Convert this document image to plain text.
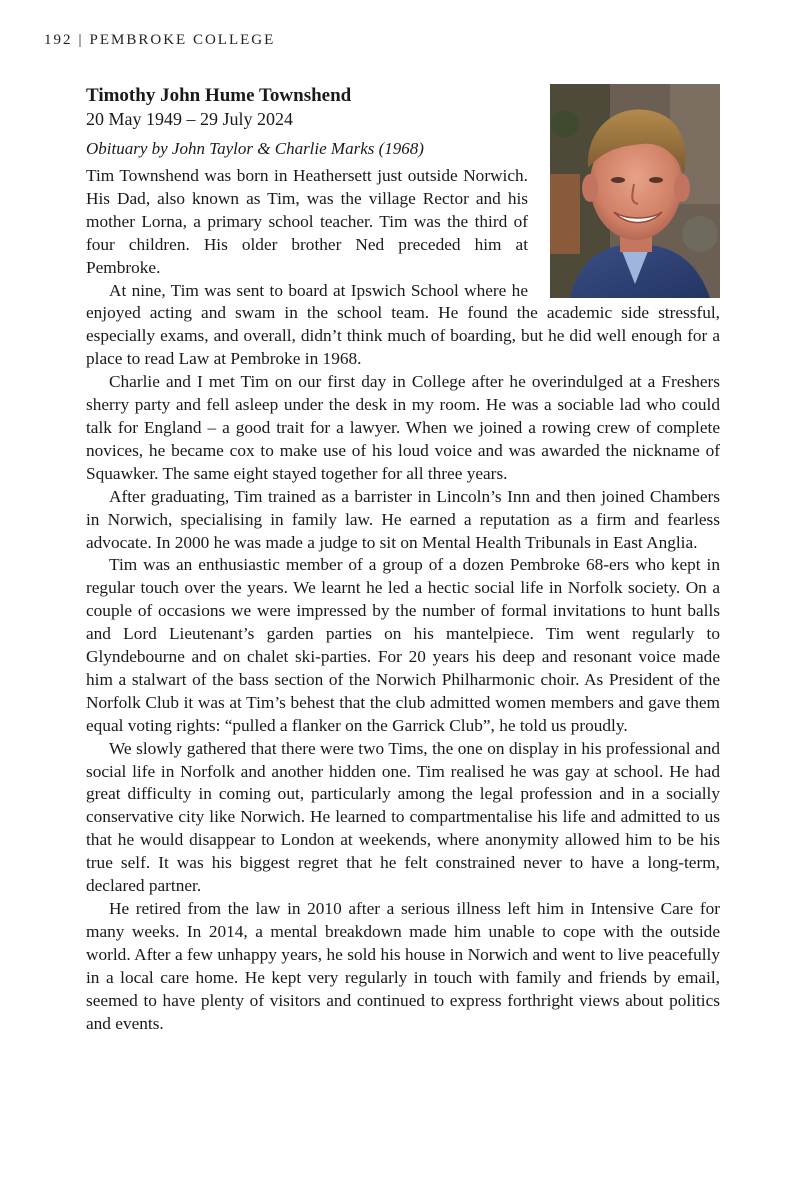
192 | PEMBROKE COLLEGE

Timothy John Hume Townshend

20 May 1949 – 29 July 2024

Obituary by John Taylor & Charlie Marks (1968)

Tim Townshend was born in Heathersett just outside Norwich. His Dad, also known as Tim, was the village Rector and his mother Lorna, a primary school teacher. Tim was the third of four children. His older brother Ned preceded him at Pembroke.

At nine, Tim was sent to board at Ipswich School where he enjoyed acting and swam in the school team. He found the academic side stressful, especially exams, and overall, didn’t think much of boarding, but he did well enough for a place to read Law at Pembroke in 1968.

Charlie and I met Tim on our first day in College after he overindulged at a Freshers sherry party and fell asleep under the desk in my room. He was a sociable lad who could talk for England – a good trait for a lawyer. When we joined a rowing crew of complete novices, he became cox to make use of his loud voice and was awarded the nickname of Squawker. The same eight stayed together for all three years.

After graduating, Tim trained as a barrister in Lincoln’s Inn and then joined Chambers in Norwich, specialising in family law. He earned a reputation as a firm and fearless advocate. In 2000 he was made a judge to sit on Mental Health Tribunals in East Anglia.

Tim was an enthusiastic member of a group of a dozen Pembroke 68-ers who kept in regular touch over the years. We learnt he led a hectic social life in Norfolk society. On a couple of occasions we were impressed by the number of formal invitations to hunt balls and Lord Lieutenant’s garden parties on his mantelpiece. Tim went regularly to Glyndebourne and on chalet ski-parties. For 20 years his deep and resonant voice made him a stalwart of the bass section of the Norwich Philharmonic choir. As President of the Norfolk Club it was at Tim’s behest that the club admitted women members and gave them equal voting rights: “pulled a flanker on the Garrick Club”, he told us proudly.

We slowly gathered that there were two Tims, the one on display in his professional and social life in Norfolk and another hidden one. Tim realised he was gay at school. He had great difficulty in coming out, particularly among the legal profession and in a socially conservative city like Norwich. He learned to compartmentalise his life and admitted to us that he would disappear to London at weekends, where anonymity allowed him to be his true self. It was his biggest regret that he felt constrained never to have a long-term, declared partner.

He retired from the law in 2010 after a serious illness left him in Intensive Care for many weeks. In 2014, a mental breakdown made him unable to cope with the outside world. After a few unhappy years, he sold his house in Norwich and went to live peacefully in a local care home. He kept very regularly in touch with family and friends by email, seemed to have plenty of visitors and continued to express forthright views about politics and events.
